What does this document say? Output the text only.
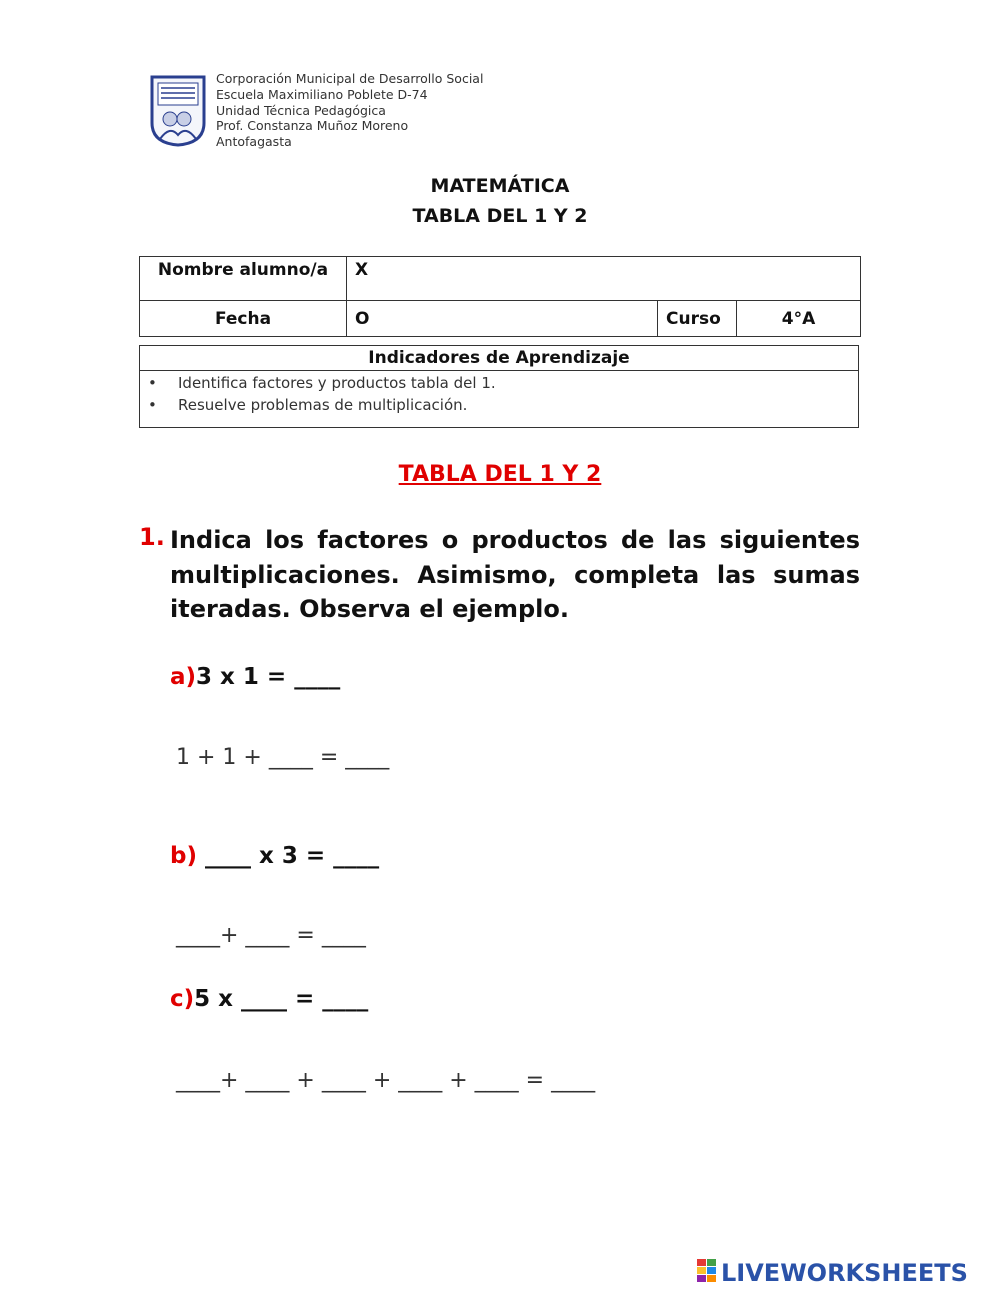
Corporación Municipal de Desarrollo Social
Escuela Maximiliano Poblete D-74
Unidad Técnica Pedagógica
Prof. Constanza Muñoz Moreno
Antofagasta
MATEMÁTICA
TABLA DEL 1 Y 2
Nombre alumno/a	X		
Fecha	O	Curso	4°A
Indicadores de Aprendizaje
• Identifica factores y productos tabla del 1.
• Resuelve problemas de multiplicación.
TABLA DEL 1 Y 2
1. Indica los factores o productos de las siguientes multiplicaciones. Asimismo, completa las sumas iteradas. Observa el ejemplo.
a)3 x 1 = ____
1 + 1 + ____ = ____
b) ____ x 3 = ____
____+ ____ = ____
c)5 x ____ = ____
____+ ____ + ____ + ____ + ____ = ____
LIVEWORKSHEETS
